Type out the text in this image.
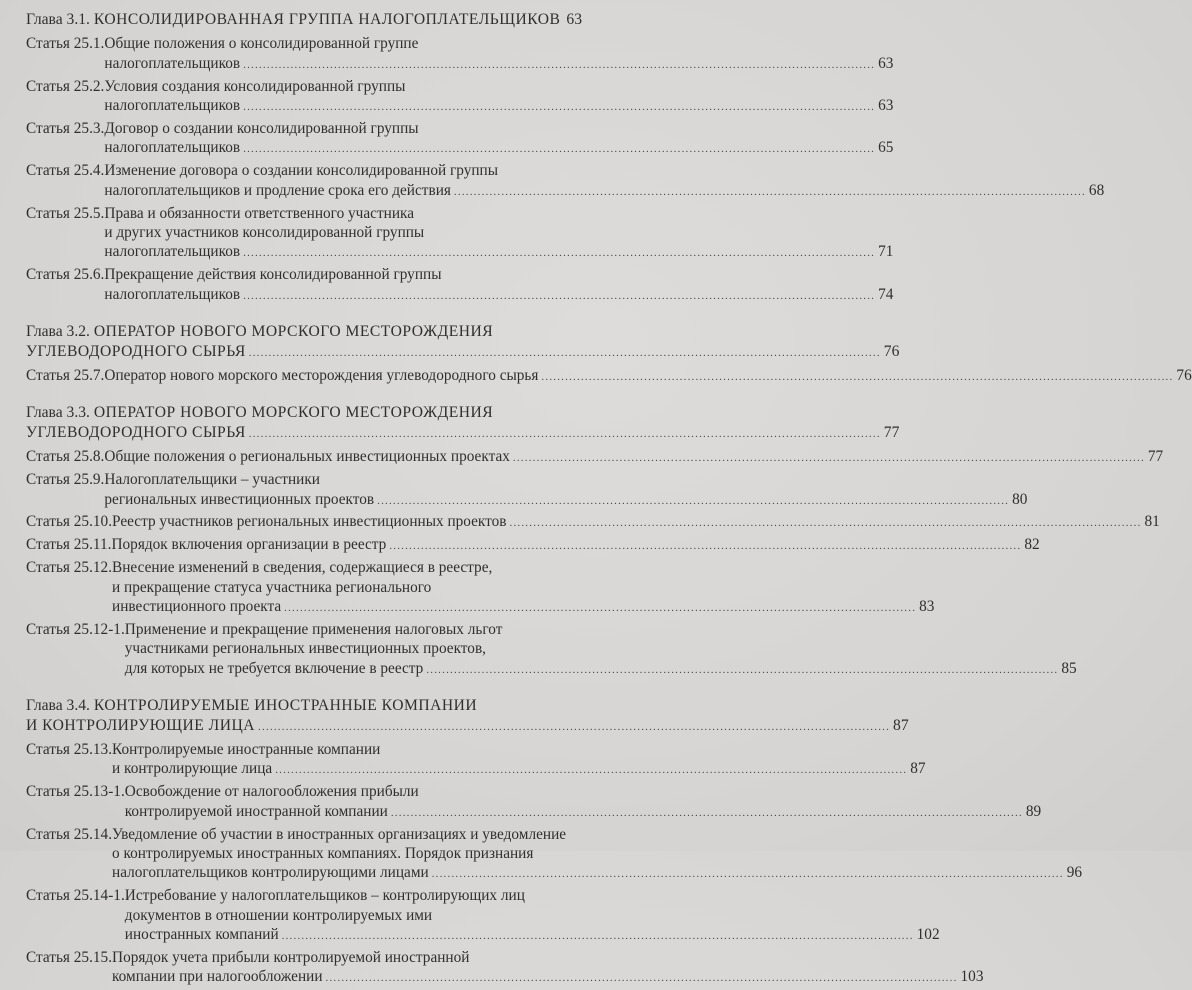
Глава 3.1. КОНСОЛИДИРОВАННАЯ ГРУППА НАЛОГОПЛАТЕЛЬЩИКОВ 63
Статья 25.1. Общие положения о консолидированной группе
налогоплательщиков .....	63
Статья 25.2. Условия создания консолидированной группы
налогоплательщиков .....	63
Статья 25.3. Договор о создании консолидированной группы
налогоплательщиков .....	65
Статья 25.4. Изменение договора о создании консолидированной группы
налогоплательщиков и продление срока его действия .....	68
Статья 25.5. Права и обязанности ответственного участника
и других участников консолидированной группы
налогоплательщиков .....	71
Статья 25.6. Прекращение действия консолидированной группы
налогоплательщиков .....	74
Глава 3.2. ОПЕРАТОР НОВОГО МОРСКОГО МЕСТОРОЖДЕНИЯ
УГЛЕВОДОРОДНОГО СЫРЬЯ .....	76
Статья 25.7. Оператор нового морского месторождения углеводородного сырья .....	76
Глава 3.3. ОПЕРАТОР НОВОГО МОРСКОГО МЕСТОРОЖДЕНИЯ
УГЛЕВОДОРОДНОГО СЫРЬЯ .....	77
Статья 25.8. Общие положения о региональных инвестиционных проектах .....	77
Статья 25.9. Налогоплательщики – участники
региональных инвестиционных проектов .....	80
Статья 25.10. Реестр участников региональных инвестиционных проектов .....	81
Статья 25.11. Порядок включения организации в реестр .....	82
Статья 25.12. Внесение изменений в сведения, содержащиеся в реестре,
и прекращение статуса участника регионального
инвестиционного проекта .....	83
Статья 25.12-1. Применение и прекращение применения налоговых льгот
участниками региональных инвестиционных проектов,
для которых не требуется включение в реестр .....	85
Глава 3.4. КОНТРОЛИРУЕМЫЕ ИНОСТРАННЫЕ КОМПАНИИ
И КОНТРОЛИРУЮЩИЕ ЛИЦА .....	87
Статья 25.13. Контролируемые иностранные компании
и контролирующие лица .....	87
Статья 25.13-1. Освобождение от налогообложения прибыли
контролируемой иностранной компании .....	89
Статья 25.14. Уведомление об участии в иностранных организациях и уведомление
о контролируемых иностранных компаниях. Порядок признания
налогоплательщиков контролирующими лицами .....	96
Статья 25.14-1. Истребование у налогоплательщиков – контролирующих лиц
документов в отношении контролируемых ими
иностранных компаний .....	102
Статья 25.15. Порядок учета прибыли контролируемой иностранной
компании при налогообложении .....	103
